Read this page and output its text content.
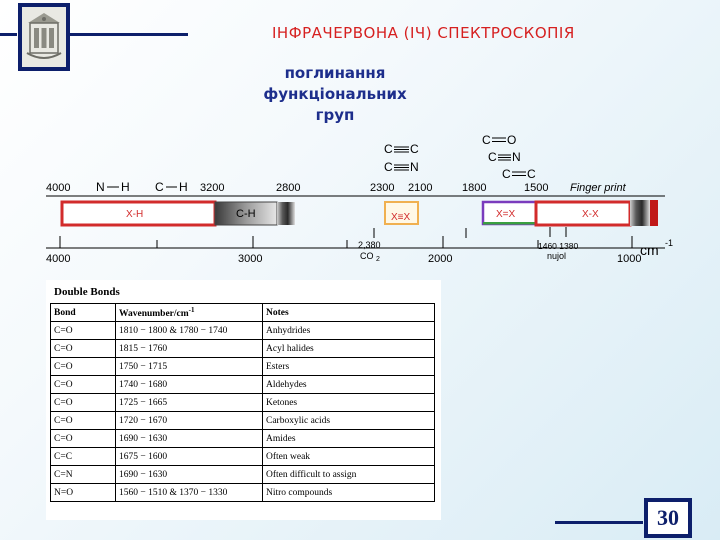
ІНФРАЧЕРВОНА (ІЧ) СПЕКТРОСКОПІЯ
поглинання функціональних
груп
4000	3200	2800	2300 2100	1800	1500
N H C H	Finger print
C C
C N
C O
C N
C C
X-H	C-H	X≡X	X=X	X-X
4000	3000	2000	1000
cm -1
2,380
CO 2
1460 1380
nujol
Double Bonds
Bond	Wavenumber/$cm^{-1}$	Notes
C=O	1810 − 1800 & 1780 − 1740	Anhydrides
C=O	1815 − 1760	Acyl halides
C=O	1750 − 1715	Esters
C=O	1740 − 1680	Aldehydes
C=O	1725 − 1665	Ketones
C=O	1720 − 1670	Carboxylic acids
C=O	1690 − 1630	Amides
C=C	1675 − 1600	Often weak
C=N	1690 − 1630	Often difficult to assign
N=O	1560 − 1510 & 1370 − 1330	Nitro compounds
30
